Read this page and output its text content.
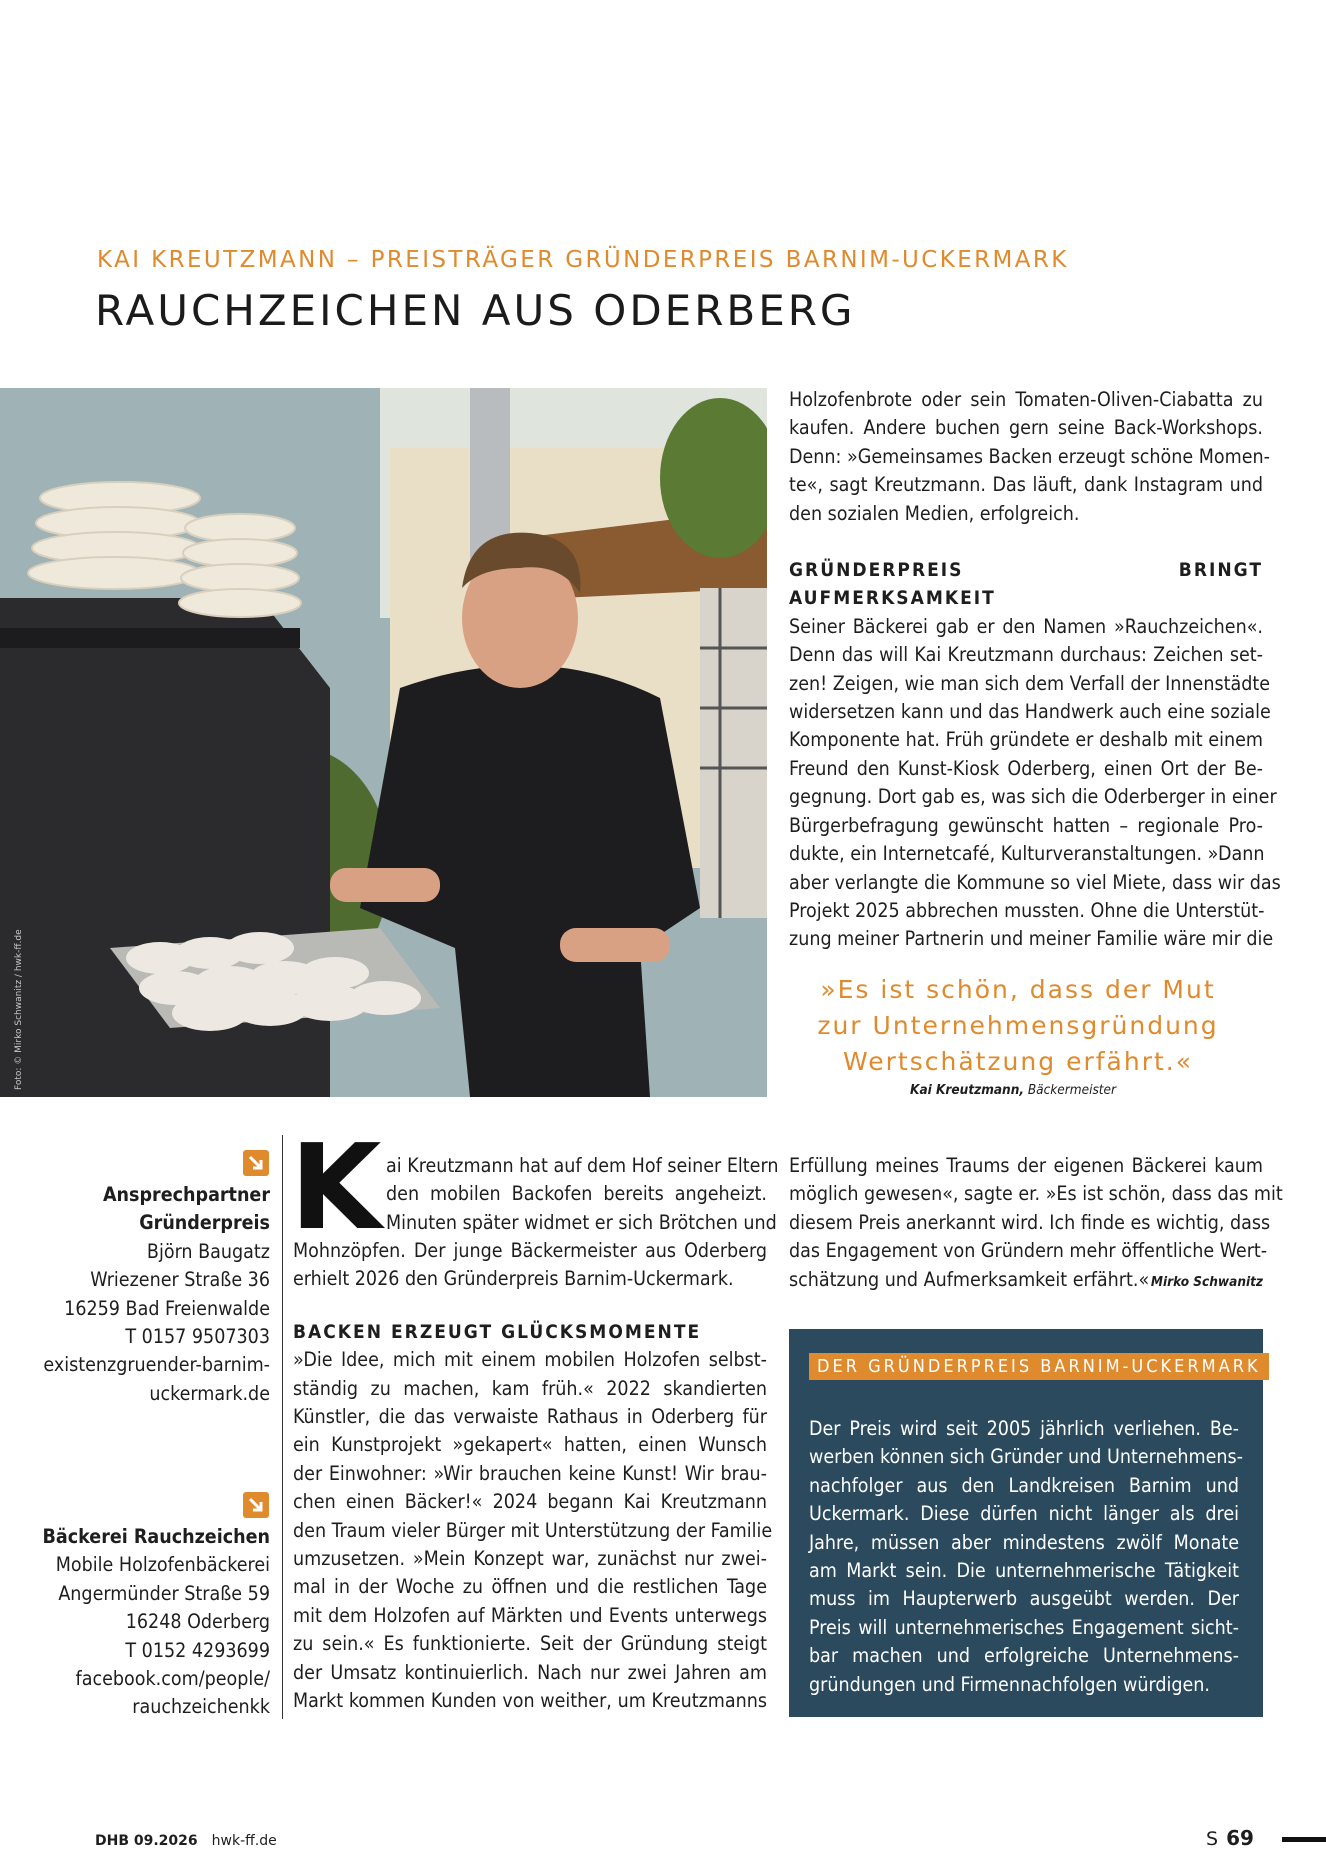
KAI KREUTZMANN – PREISTRÄGER GRÜNDERPREIS BARNIM-UCKERMARK
RAUCHZEICHEN AUS ODERBERG
Foto: © Mirko Schwanitz / hwk-ff.de

Holzofenbrote oder sein Tomaten-Oliven-Ciabatta zu
kaufen. Andere buchen gern seine Back-Workshops.
Denn: »Gemeinsames Backen erzeugt schöne Momen-
te«, sagt Kreutzmann. Das läuft, dank Instagram und
den sozialen Medien, erfolgreich.

GRÜNDERPREIS BRINGT AUFMERKSAMKEIT

Seiner Bäckerei gab er den Namen »Rauchzeichen«.
Denn das will Kai Kreutzmann durchaus: Zeichen set-
zen! Zeigen, wie man sich dem Verfall der Innenstädte
widersetzen kann und das Handwerk auch eine soziale
Komponente hat. Früh gründete er deshalb mit einem
Freund den Kunst-Kiosk Oderberg, einen Ort der Be-
gegnung. Dort gab es, was sich die Oderberger in einer
Bürgerbefragung gewünscht hatten – regionale Pro-
dukte, ein Internetcafé, Kulturveranstaltungen. »Dann
aber verlangte die Kommune so viel Miete, dass wir das
Projekt 2025 abbrechen mussten. Ohne die Unterstüt-
zung meiner Partnerin und meiner Familie wäre mir die

»Es ist schön, dass der Mut
zur Unternehmensgründung
Wertschätzung erfährt.«
Kai Kreutzmann, Bäckermeister
Ansprechpartner
Gründerpreis
Björn Baugatz
Wriezener Straße 36
16259 Bad Freienwalde
T 0157 9507303
existenzgruender-barnim-
uckermark.de
Bäckerei Rauchzeichen
Mobile Holzofenbäckerei
Angermünder Straße 59
16248 Oderberg
T 0152 4293699
facebook.com/people/
rauchzeichenkk
K ai Kreutzmann hat auf dem Hof seiner Eltern
den mobilen Backofen bereits angeheizt.
Minuten später widmet er sich Brötchen und

Mohnzöpfen. Der junge Bäckermeister aus Oderberg
erhielt 2026 den Gründerpreis Barnim-Uckermark.

BACKEN ERZEUGT GLÜCKSMOMENTE

»Die Idee, mich mit einem mobilen Holzofen selbst-
ständig zu machen, kam früh.« 2022 skandierten
Künstler, die das verwaiste Rathaus in Oderberg für
ein Kunstprojekt »gekapert« hatten, einen Wunsch
der Einwohner: »Wir brauchen keine Kunst! Wir brau-
chen einen Bäcker!« 2024 begann Kai Kreutzmann
den Traum vieler Bürger mit Unterstützung der Familie
umzusetzen. »Mein Konzept war, zunächst nur zwei-
mal in der Woche zu öffnen und die restlichen Tage
mit dem Holzofen auf Märkten und Events unterwegs
zu sein.« Es funktionierte. Seit der Gründung steigt
der Umsatz kontinuierlich. Nach nur zwei Jahren am
Markt kommen Kunden von weither, um Kreutzmanns

Erfüllung meines Traums der eigenen Bäckerei kaum
möglich gewesen«, sagte er. »Es ist schön, dass das mit
diesem Preis anerkannt wird. Ich finde es wichtig, dass
das Engagement von Gründern mehr öffentliche Wert-
schätzung und Aufmerksamkeit erfährt.« Mirko Schwanitz

DER GRÜNDERPREIS BARNIM-UCKERMARK
Der Preis wird seit 2005 jährlich verliehen. Be-
werben können sich Gründer und Unternehmens-
nachfolger aus den Landkreisen Barnim und
Uckermark. Diese dürfen nicht länger als drei
Jahre, müssen aber mindestens zwölf Monate
am Markt sein. Die unternehmerische Tätigkeit
muss im Haupterwerb ausgeübt werden. Der
Preis will unternehmerisches Engagement sicht-
bar machen und erfolgreiche Unternehmens-
gründungen und Firmennachfolgen würdigen.
DHB 09.2026 hwk-ff.de	S 69
